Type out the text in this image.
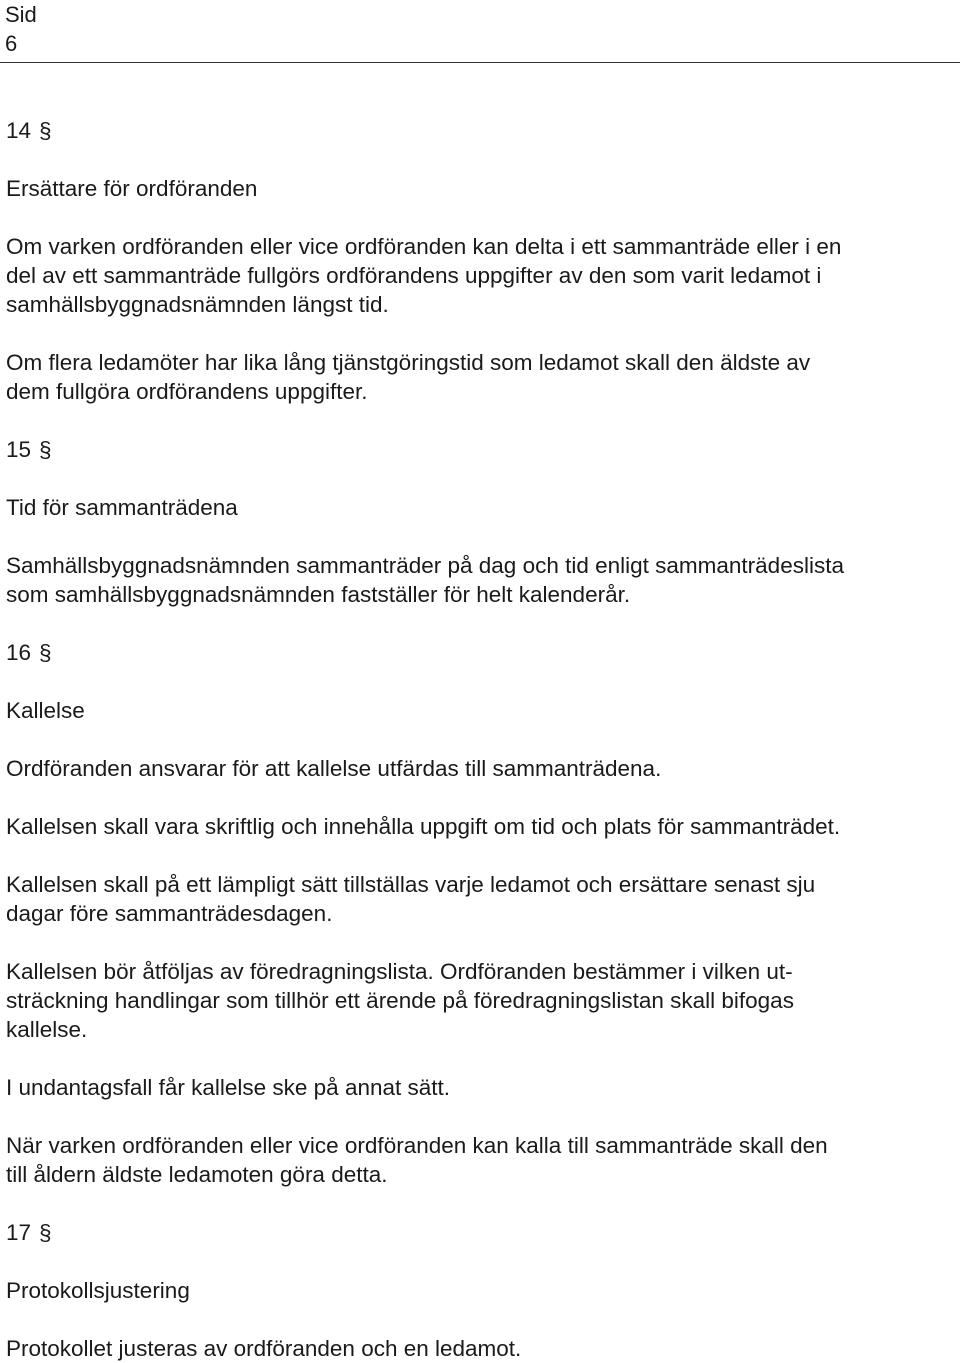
Sid
6
14 §
Ersättare för ordföranden
Om varken ordföranden eller vice ordföranden kan delta i ett sammanträde eller i en
del av ett sammanträde fullgörs ordförandens uppgifter av den som varit ledamot i
samhällsbyggnadsnämnden längst tid.
Om flera ledamöter har lika lång tjänstgöringstid som ledamot skall den äldste av
dem fullgöra ordförandens uppgifter.
15 §
Tid för sammanträdena
Samhällsbyggnadsnämnden sammanträder på dag och tid enligt sammanträdeslista
som samhällsbyggnadsnämnden fastställer för helt kalenderår.
16 §
Kallelse
Ordföranden ansvarar för att kallelse utfärdas till sammanträdena.
Kallelsen skall vara skriftlig och innehålla uppgift om tid och plats för sammanträdet.
Kallelsen skall på ett lämpligt sätt tillställas varje ledamot och ersättare senast sju
dagar före sammanträdesdagen.
Kallelsen bör åtföljas av föredragningslista. Ordföranden bestämmer i vilken ut-
sträckning handlingar som tillhör ett ärende på föredragningslistan skall bifogas
kallelse.
I undantagsfall får kallelse ske på annat sätt.
När varken ordföranden eller vice ordföranden kan kalla till sammanträde skall den
till åldern äldste ledamoten göra detta.
17 §
Protokollsjustering
Protokollet justeras av ordföranden och en ledamot.
